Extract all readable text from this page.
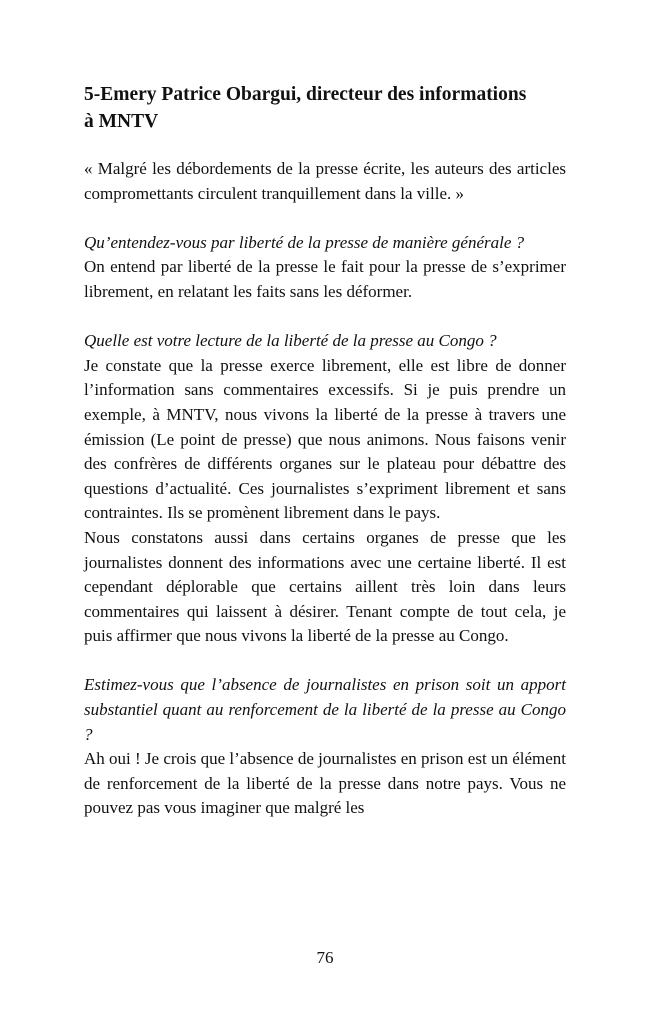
5-Emery Patrice Obargui, directeur des informations
à MNTV

« Malgré les débordements de la presse écrite, les auteurs des articles compromettants circulent tranquillement dans la ville. »

Qu’entendez-vous par liberté de la presse de manière générale ?

On entend par liberté de la presse le fait pour la presse de s’exprimer librement, en relatant les faits sans les déformer.

Quelle est votre lecture de la liberté de la presse au Congo ?

Je constate que la presse exerce librement, elle est libre de donner l’information sans commentaires excessifs. Si je puis prendre un exemple, à MNTV, nous vivons la liberté de la presse à travers une émission (Le point de presse) que nous animons. Nous faisons venir des confrères de différents organes sur le plateau pour débattre des questions d’actualité. Ces journalistes s’expriment librement et sans contraintes. Ils se promènent librement dans le pays.

Nous constatons aussi dans certains organes de presse que les journalistes donnent des informations avec une certaine liberté. Il est cependant déplorable que certains aillent très loin dans leurs commentaires qui laissent à désirer. Tenant compte de tout cela, je puis affirmer que nous vivons la liberté de la presse au Congo.

Estimez-vous que l’absence de journalistes en prison soit un apport substantiel quant au renforcement de la liberté de la presse au Congo ?

Ah oui ! Je crois que l’absence de journalistes en prison est un élément de renforcement de la liberté de la presse dans notre pays. Vous ne pouvez pas vous imaginer que malgré les

76
